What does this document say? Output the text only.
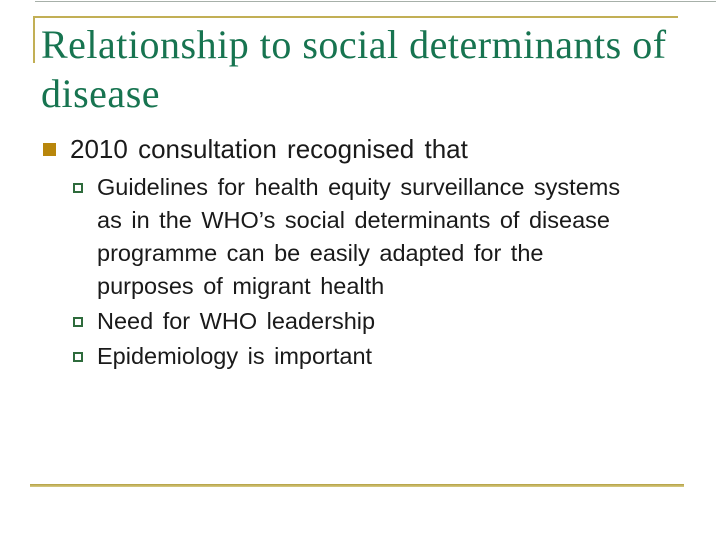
Relationship to social determinants of
disease
2010 consultation recognised that
Guidelines for health equity surveillance systems
as in the WHO’s social determinants of disease
programme can be easily adapted for the
purposes of migrant health
Need for WHO leadership
Epidemiology is important
